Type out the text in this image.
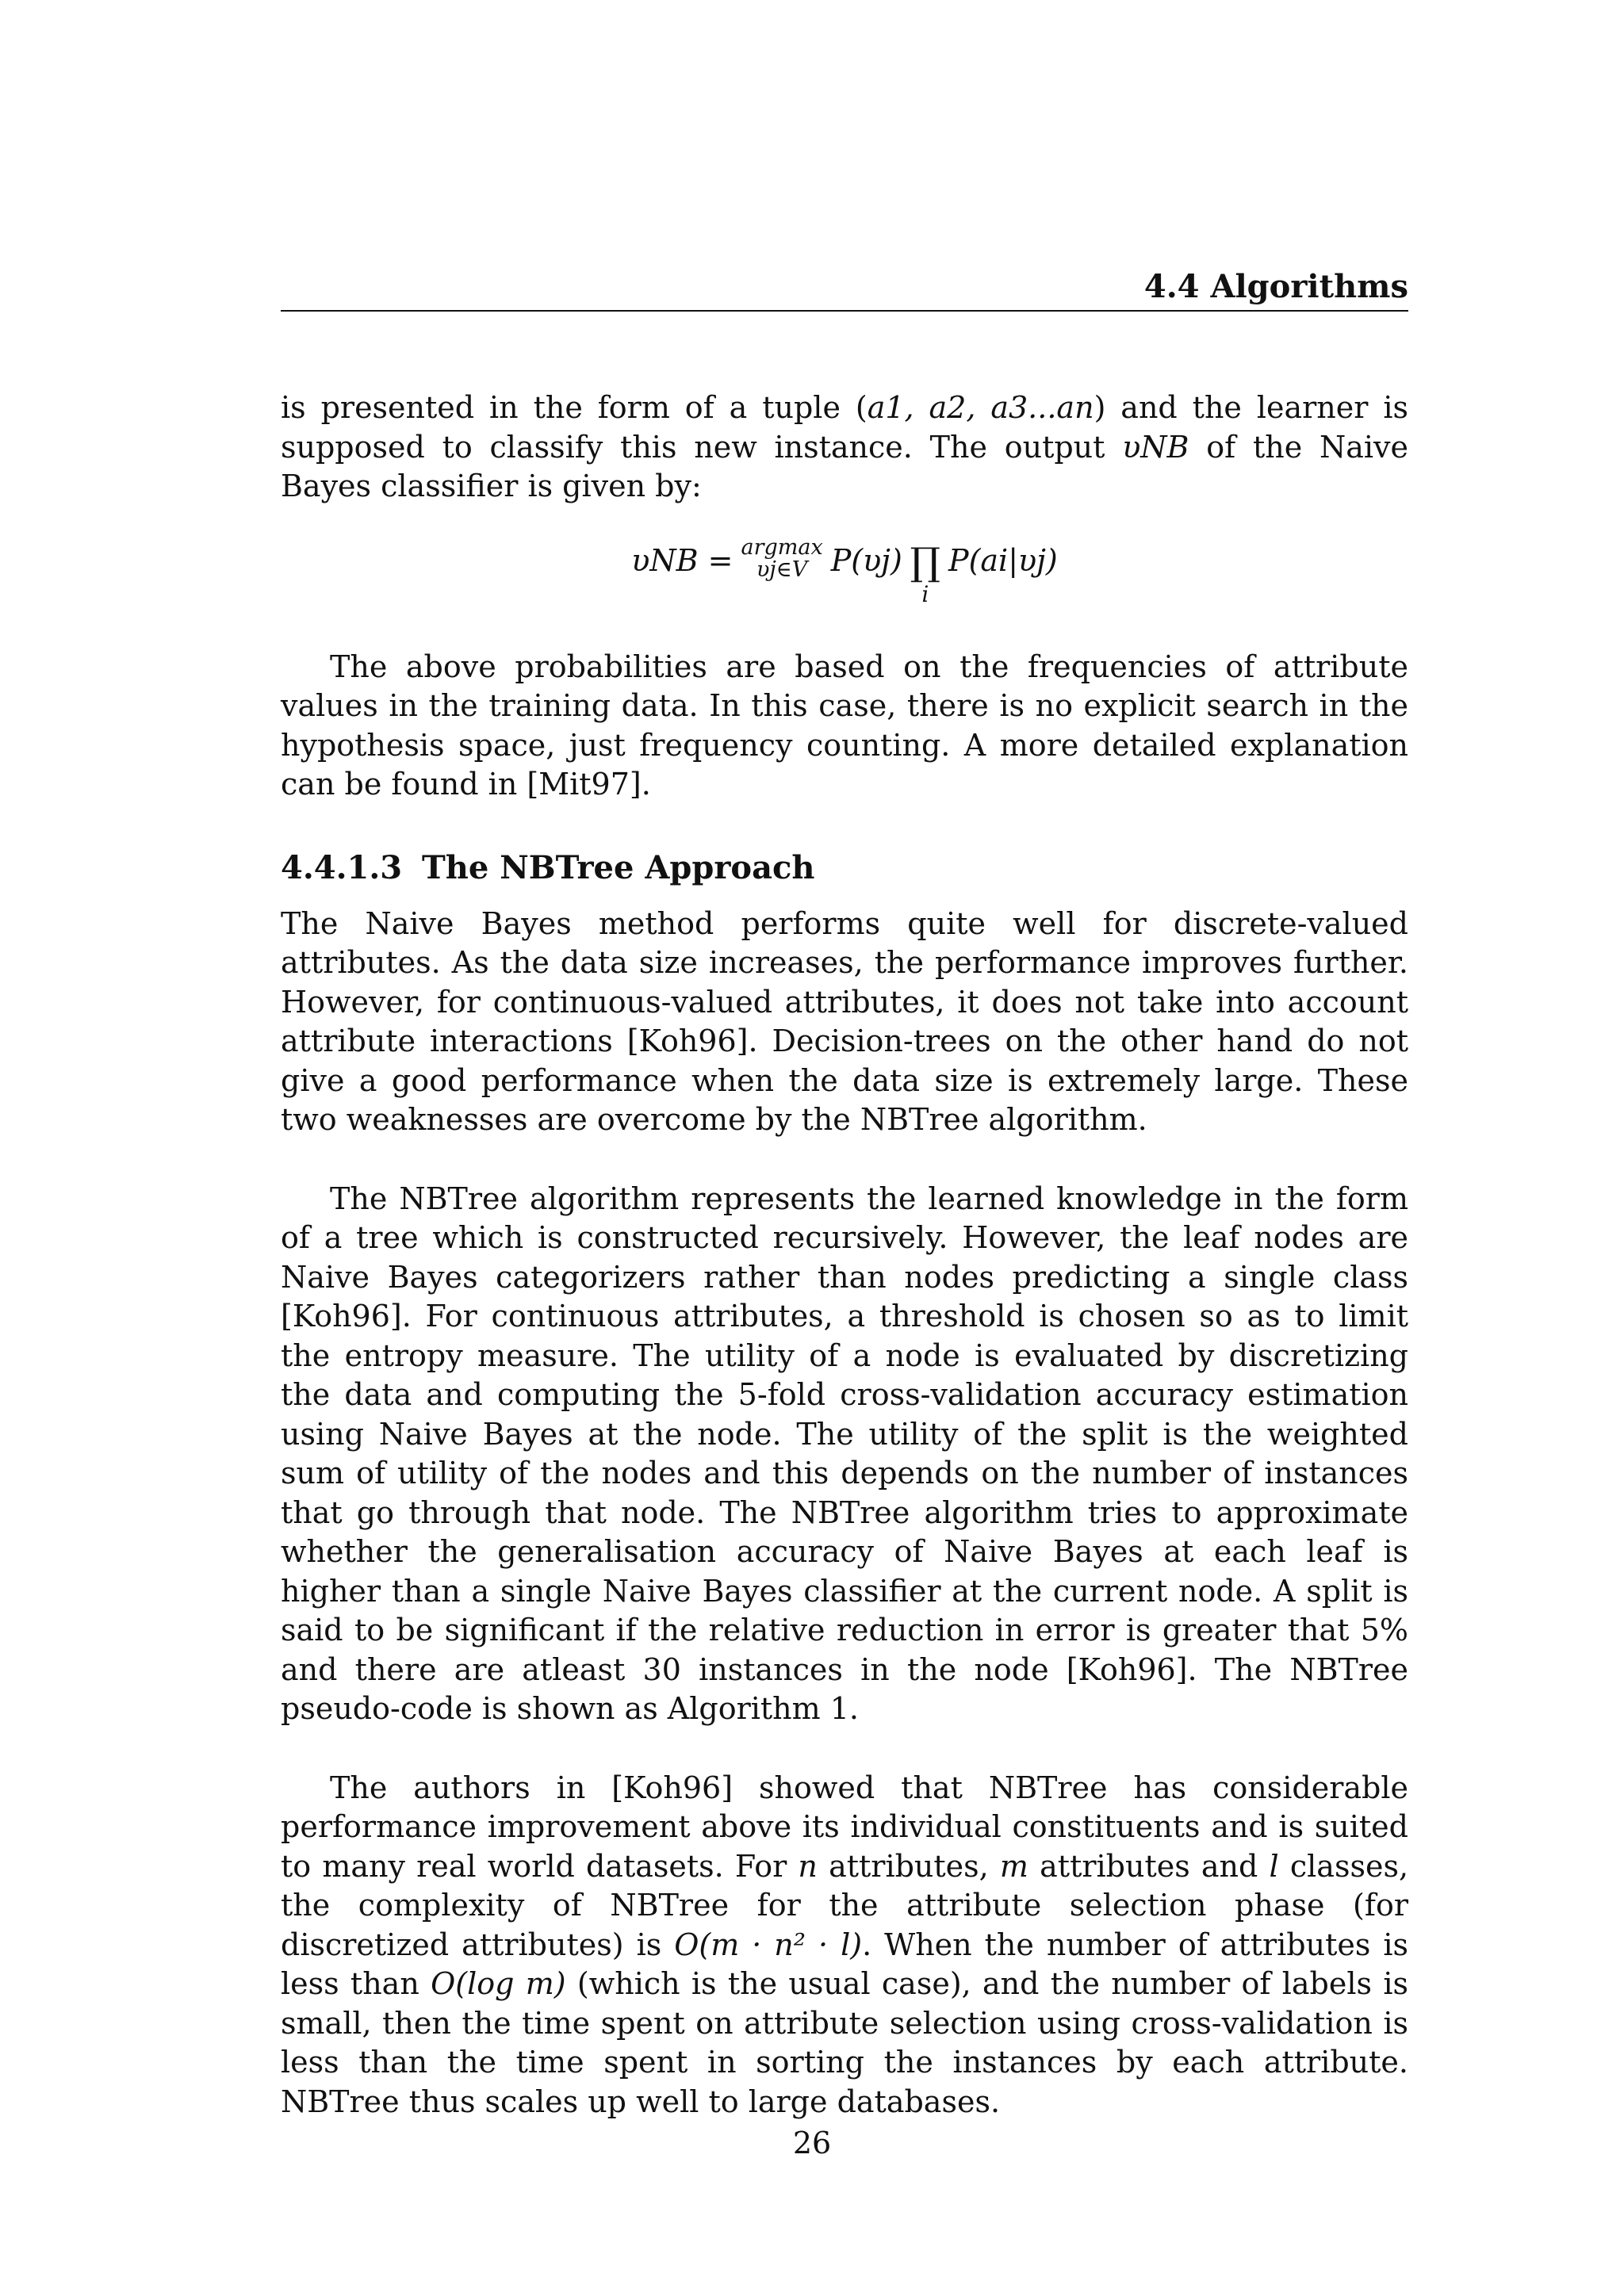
4.4 Algorithms

is presented in the form of a tuple (a1, a2, a3...an) and the learner is supposed to classify this new instance. The output υNB of the Naive Bayes classifier is given by:

υNB = argmax
υj∈V P(υj) ∏
i
P(ai|υj)

The above probabilities are based on the frequencies of attribute values in the training data. In this case, there is no explicit search in the hypothesis space, just frequency counting. A more detailed explanation can be found in [Mit97].

4.4.1.3 The NBTree Approach

The Naive Bayes method performs quite well for discrete-valued attributes. As the data size increases, the performance improves further. However, for continuous-valued attributes, it does not take into account attribute interactions [Koh96]. Decision-trees on the other hand do not give a good performance when the data size is extremely large. These two weaknesses are overcome by the NBTree algorithm.

The NBTree algorithm represents the learned knowledge in the form of a tree which is constructed recursively. However, the leaf nodes are Naive Bayes categorizers rather than nodes predicting a single class [Koh96]. For continuous attributes, a threshold is chosen so as to limit the entropy measure. The utility of a node is evaluated by discretizing the data and computing the 5-fold cross-validation accuracy estimation using Naive Bayes at the node. The utility of the split is the weighted sum of utility of the nodes and this depends on the number of instances that go through that node. The NBTree algorithm tries to approximate whether the generalisation accuracy of Naive Bayes at each leaf is higher than a single Naive Bayes classifier at the current node. A split is said to be significant if the relative reduction in error is greater that 5% and there are atleast 30 instances in the node [Koh96]. The NBTree pseudo-code is shown as Algorithm 1.

The authors in [Koh96] showed that NBTree has considerable performance improvement above its individual constituents and is suited to many real world datasets. For n attributes, m attributes and l classes, the complexity of NBTree for the attribute selection phase (for discretized attributes) is O(m · n² · l). When the number of attributes is less than O(log m) (which is the usual case), and the number of labels is small, then the time spent on attribute selection using cross-validation is less than the time spent in sorting the instances by each attribute. NBTree thus scales up well to large databases.

26
